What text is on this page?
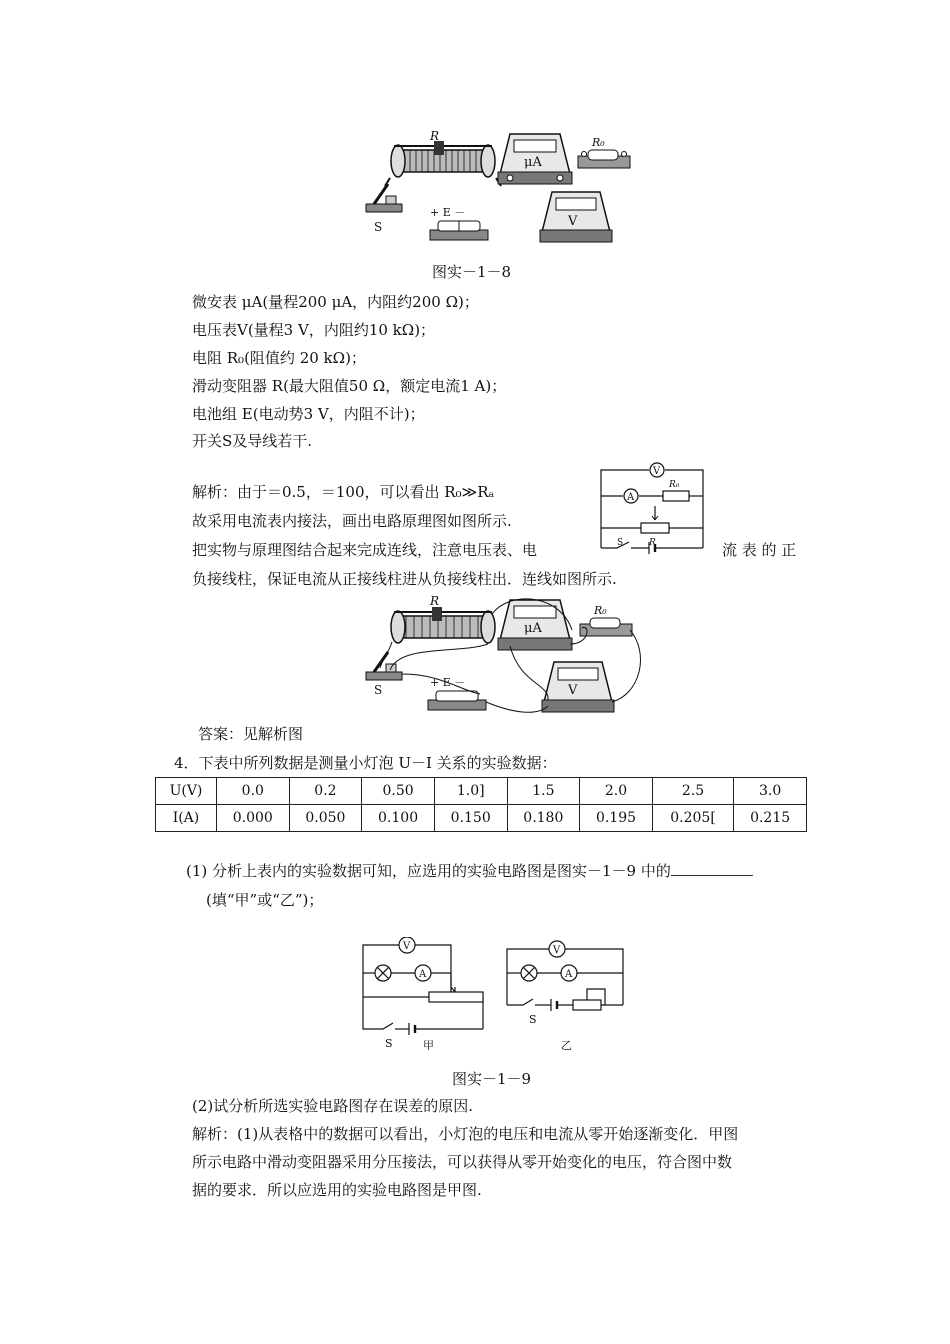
R
μA
R₀
S
+ E －
V
图实－1－8
微安表 μA(量程200 μA，内阻约200 Ω)；
电压表V(量程3 V，内阻约10 kΩ)；
电阻 R₀(阻值约 20 kΩ)；
滑动变阻器 R(最大阻值50 Ω，额定电流1 A)；
电池组 E(电动势3 V，内阻不计)；
开关S及导线若干.
解析：由于＝0.5，＝100，可以看出 R₀≫Rₐ
故采用电流表内接法，画出电路原理图如图所示.
把实物与原理图结合起来完成连线，注意电压表、电	流 表 的 正
负接线柱，保证电流从正接线柱进从负接线柱出．连线如图所示.
V
A
R₀
R
S
R
μA
R₀
S
+ E －
V
答案：见解析图
4．下表中所列数据是测量小灯泡 U－I 关系的实验数据：
U(V)	0.0	0.2	0.50	1.0]	1.5	2.0	2.5	3.0
I(A)	0.000	0.050	0.100	0.150	0.180	0.195	0.205[	0.215
(1) 分析上表内的实验数据可知，应选用的实验电路图是图实－1－9 中的
(填“甲”或“乙”)；
V
A
S	甲
V
A
S
乙
图实－1－9
(2)试分析所选实验电路图存在误差的原因.
解析：(1)从表格中的数据可以看出，小灯泡的电压和电流从零开始逐渐变化．甲图
所示电路中滑动变阻器采用分压接法，可以获得从零开始变化的电压，符合图中数
据的要求．所以应选用的实验电路图是甲图.
